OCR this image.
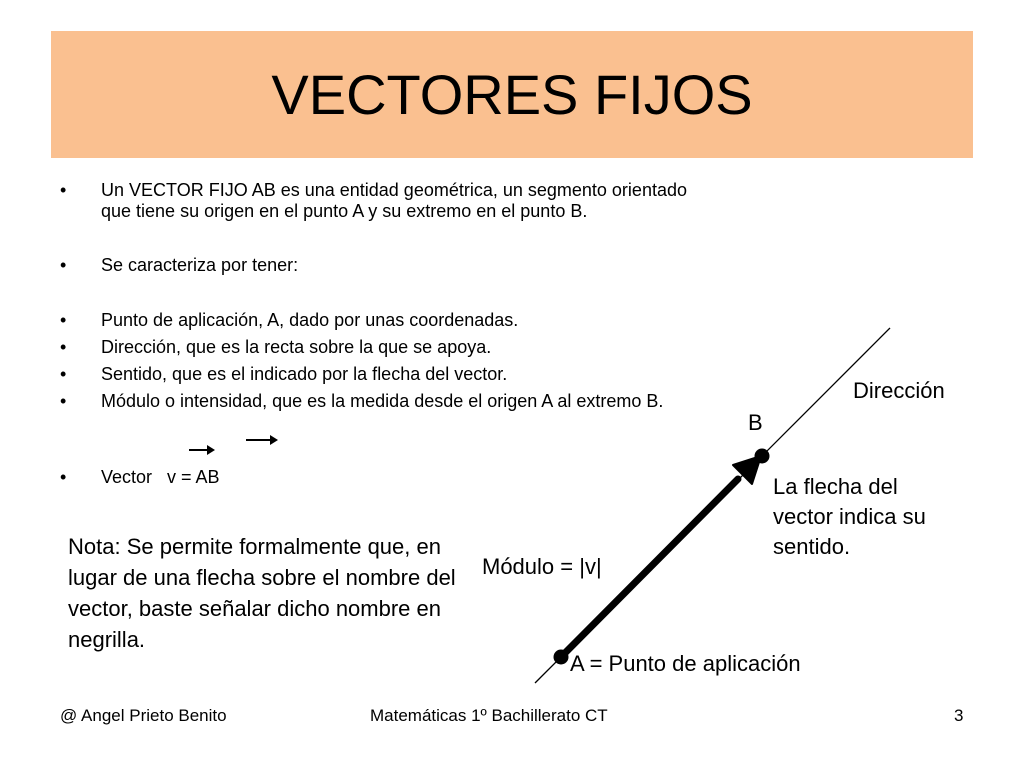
VECTORES FIJOS
• Un VECTOR FIJO AB es una entidad geométrica, un segmento orientado que tiene su origen en el punto A y su extremo en el punto B.
• Se caracteriza por tener:
• Punto de aplicación, A, dado por unas coordenadas.
• Dirección, que es la recta sobre la que se apoya.
• Sentido, que es el indicado por la flecha del vector.
• Módulo o intensidad, que es la medida desde el origen A al extremo B.
• Vector   v = AB
Nota: Se permite formalmente que, en lugar de una flecha sobre el nombre del vector, baste señalar dicho nombre en negrilla.
Dirección
B
La flecha del vector indica su sentido.
Módulo = |v|
A = Punto de aplicación
@ Angel Prieto Benito	Matemáticas 1º Bachillerato CT	3
